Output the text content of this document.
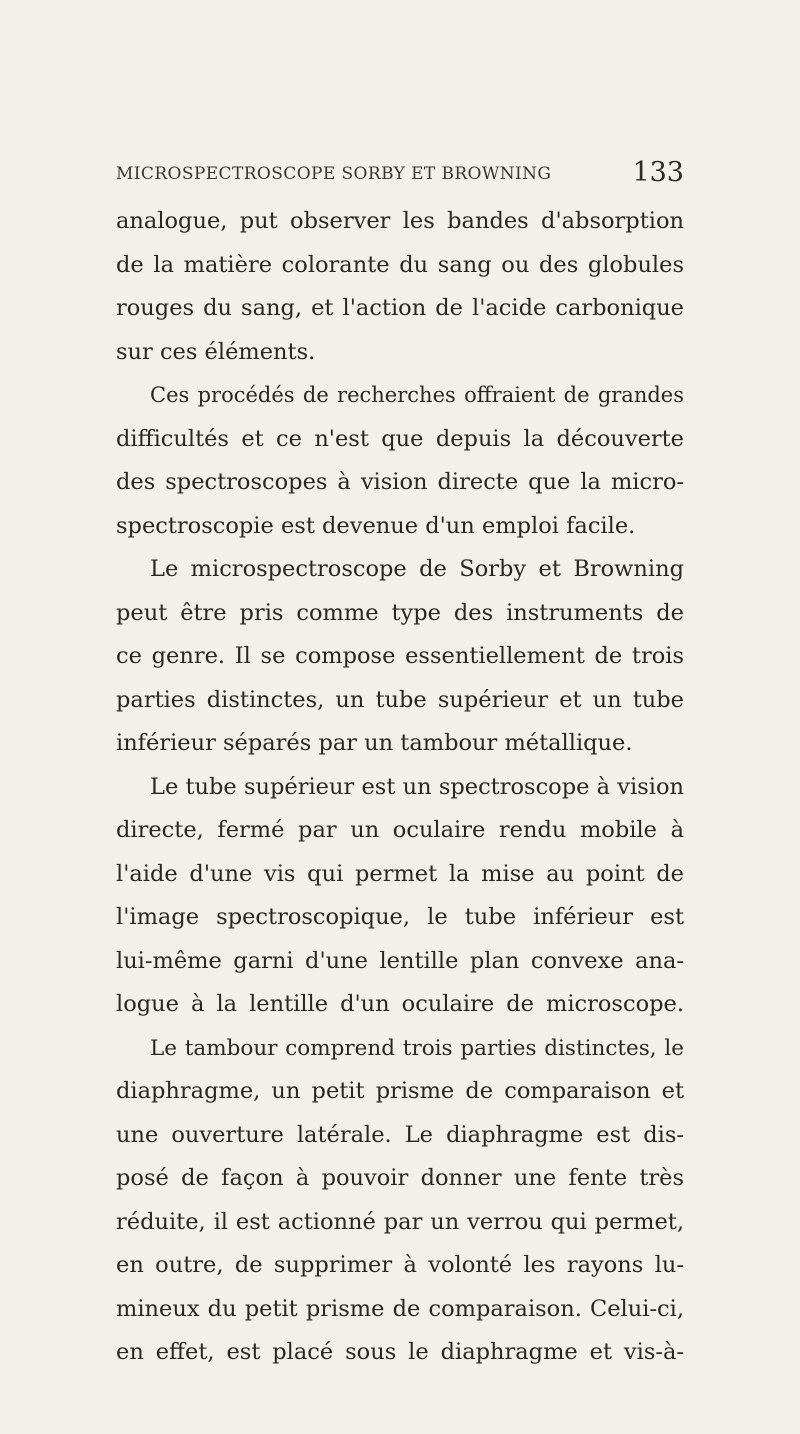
MICROSPECTROSCOPE SORBY ET BROWNING	133
analogue, put observer les bandes d'absorption
de la matière colorante du sang ou des globules
rouges du sang, et l'action de l'acide carbonique
sur ces éléments.
Ces procédés de recherches offraient de grandes
difficultés et ce n'est que depuis la découverte
des spectroscopes à vision directe que la micro-
spectroscopie est devenue d'un emploi facile.
Le microspectroscope de Sorby et Browning
peut être pris comme type des instruments de
ce genre. Il se compose essentiellement de trois
parties distinctes, un tube supérieur et un tube
inférieur séparés par un tambour métallique.
Le tube supérieur est un spectroscope à vision
directe, fermé par un oculaire rendu mobile à
l'aide d'une vis qui permet la mise au point de
l'image spectroscopique, le tube inférieur est
lui-même garni d'une lentille plan convexe ana-
logue à la lentille d'un oculaire de microscope.
Le tambour comprend trois parties distinctes, le
diaphragme, un petit prisme de comparaison et
une ouverture latérale. Le diaphragme est dis-
posé de façon à pouvoir donner une fente très
réduite, il est actionné par un verrou qui permet,
en outre, de supprimer à volonté les rayons lu-
mineux du petit prisme de comparaison. Celui-ci,
en effet, est placé sous le diaphragme et vis-à-
